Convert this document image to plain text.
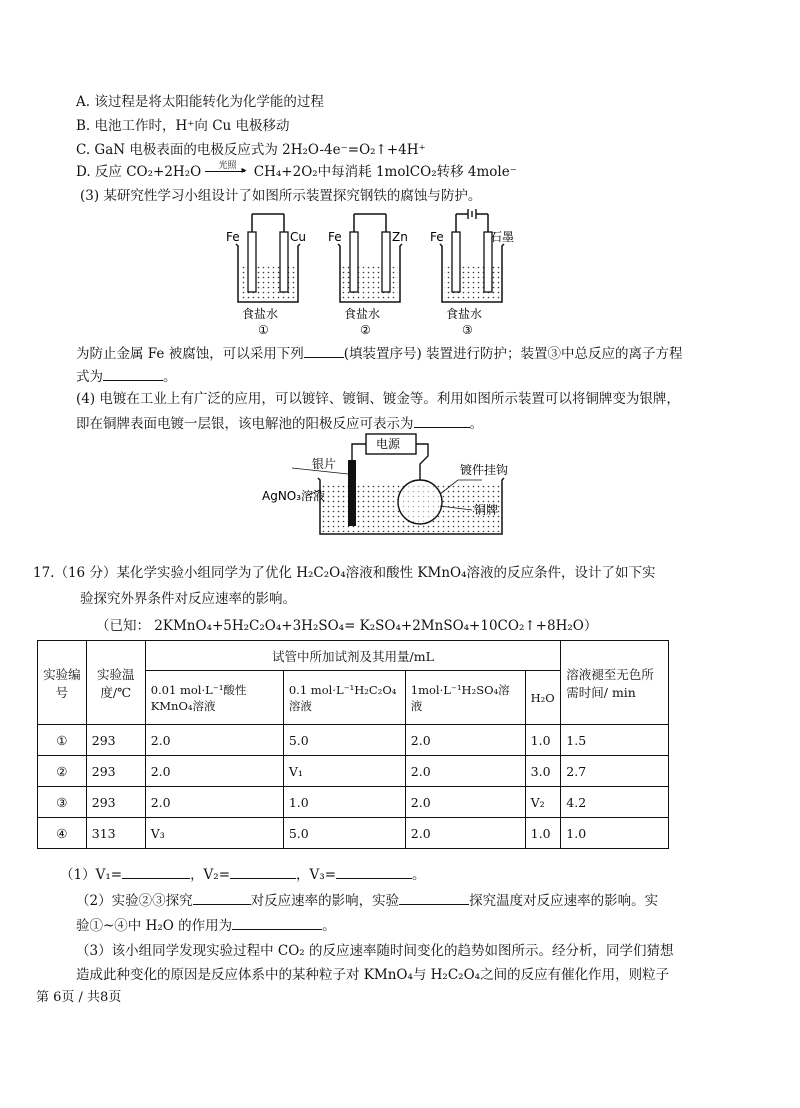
A. 该过程是将太阳能转化为化学能的过程
B. 电池工作时，H⁺向 Cu 电极移动
C. GaN 电极表面的电极反应式为 2H₂O-4e⁻=O₂↑+4H⁺
D. 反应 CO₂+2H₂O	光照 ▸ CH₄+2O₂中每消耗 1molCO₂转移 4mole⁻
(3) 某研究性学习小组设计了如图所示装置探究钢铁的腐蚀与防护。
Fe	Cu
食盐水
①
Fe	Zn
食盐水
②
Fe	石墨
食盐水
③
为防止金属 Fe 被腐蚀，可以采用下列	(填装置序号) 装置进行防护；装置③中总反应的离子方程
式为	。
(4) 电镀在工业上有广泛的应用，可以镀锌、镀铜、镀金等。利用如图所示装置可以将铜牌变为银牌，
即在铜牌表面电镀一层银，该电解池的阳极反应可表示为	。
电源
银片	镀件挂钩
AgNO₃溶液
铜牌
17.（16 分）某化学实验小组同学为了优化 H₂C₂O₄溶液和酸性 KMnO₄溶液的反应条件，设计了如下实
验探究外界条件对反应速率的影响。
（已知： 2KMnO₄+5H₂C₂O₄+3H₂SO₄= K₂SO₄+2MnSO₄+10CO₂↑+8H₂O）
实验编号	实验温度/℃	试管中所加试剂及其用量/mL				溶液褪至无色所需时间/ min
		0.01 mol·L⁻¹酸性KMnO₄溶液	0.1 mol·L⁻¹H₂C₂O₄溶液	1mol·L⁻¹H₂SO₄溶液	H₂O	
①	293	2.0	5.0	2.0	1.0	1.5
②	293	2.0	V₁	2.0	3.0	2.7
③	293	2.0	1.0	2.0	V₂	4.2
④	313	V₃	5.0	2.0	1.0	1.0
（1）V₁=	，V₂=	，V₃=	。
（2）实验②③探究	对反应速率的影响，实验	探究温度对反应速率的影响。实
验①~④中 H₂O 的作用为	。
（3）该小组同学发现实验过程中 CO₂ 的反应速率随时间变化的趋势如图所示。经分析，同学们猜想
造成此种变化的原因是反应体系中的某种粒子对 KMnO₄与 H₂C₂O₄之间的反应有催化作用，则粒子
第 6页 / 共8页
